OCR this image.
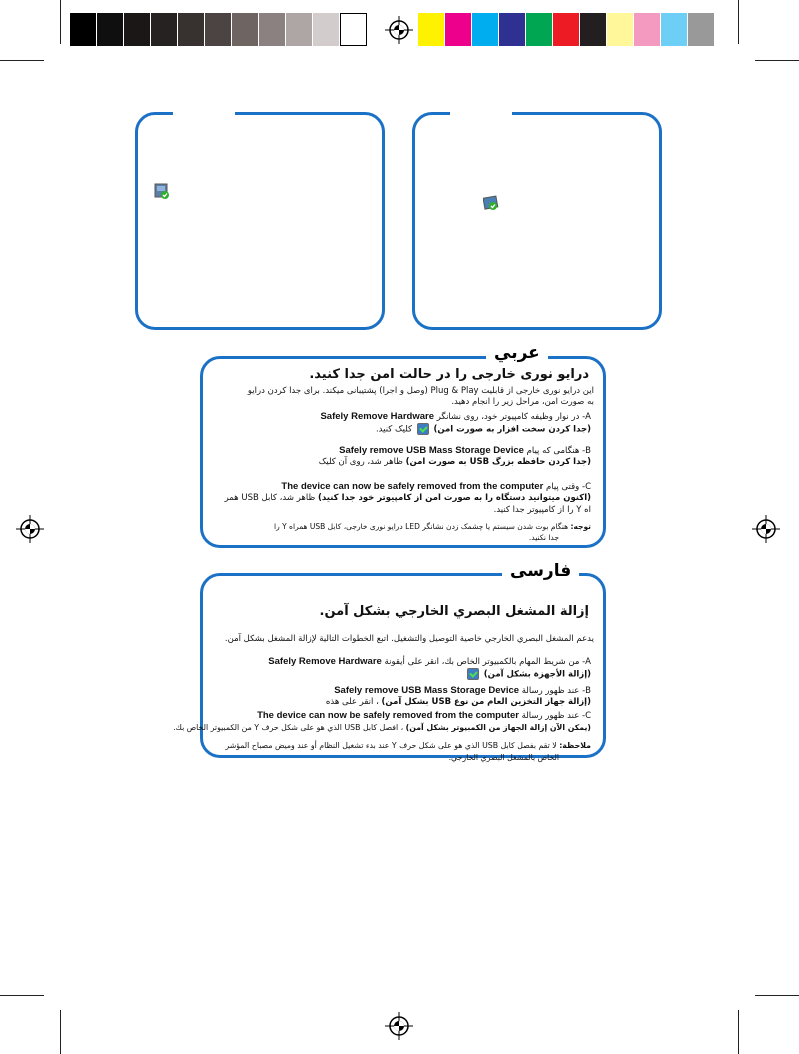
عربي
درایو نوری خارجی را در حالت امن جدا کنید.
این درایو نوری خارجی از قابلیت Plug & Play (وصل و اجرا) پشتیبانی میکند. برای جدا کردن درایو
به صورت امن، مراحل زیر را انجام دهید.
A- در نوار وظیفه کامپیوتر خود، روی نشانگر Safely Remove Hardware
(جدا کردن سخت افزار به صورت امن)  کلیک کنید.
B- هنگامی که پیام Safely remove USB Mass Storage Device
(جدا کردن حافظه بزرگ USB به صورت امن) ظاهر شد، روی آن کلیک
C- وقتی پیام The device can now be safely removed from the computer
(اکنون میتوانید دستگاه را به صورت امن از کامپیوتر خود جدا کنید) ظاهر شد، کابل USB همر
اه Y را از کامپیوتر جدا کنید.
توجه: هنگام بوت شدن سیستم یا چشمک زدن نشانگر LED درایو نوری خارجی، کابل USB همراه Y را
جدا نکنید.
فارسی
إزالة المشغل البصري الخارجي بشكل آمن.
يدعم المشغل البصري الخارجي خاصية التوصيل والتشغيل. اتبع الخطوات التالية لإزالة المشغل بشكل آمن.
A- من شريط المهام بالكمبيوتر الخاص بك، انقر على أيقونة Safely Remove Hardware
(إزالة الأجهزة بشكل آمن)
B- عند ظهور رسالة Safely remove USB Mass Storage Device
(إزالة جهاز التخزين العام من نوع USB بشكل آمن) ، انقر على هذه
C- عند ظهور رسالة The device can now be safely removed from the computer
(يمكن الآن إزالة الجهاز من الكمبيوتر بشكل آمن) ، افصل كابل USB الذي هو على شكل حرف Y من الكمبيوتر الخاص بك.
ملاحظة: لا تقم بفصل كابل USB الذي هو على شكل حرف Y عند بدء تشغيل النظام أو عند وميض مصباح المؤشر
الخاص بالمشغل البصري الخارجي.
